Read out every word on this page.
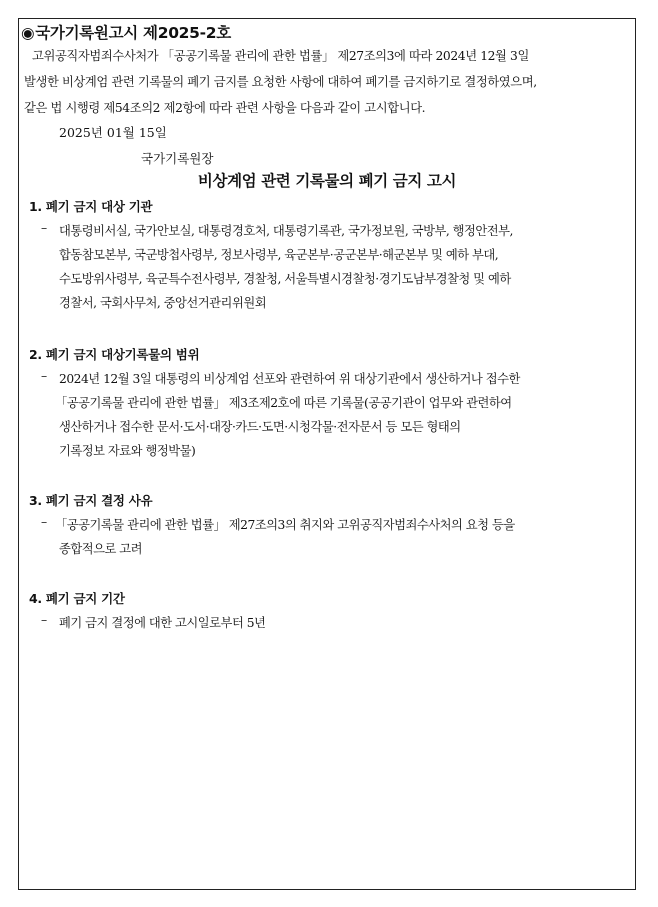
◉국가기록원고시 제2025-2호
고위공직자범죄수사처가 「공공기록물 관리에 관한 법률」 제27조의3에 따라 2024년 12월 3일
발생한 비상계엄 관련 기록물의 폐기 금지를 요청한 사항에 대하여 폐기를 금지하기로 결정하였으며,
같은 법 시행령 제54조의2 제2항에 따라 관련 사항을 다음과 같이 고시합니다.
2025년 01월 15일
국가기록원장
비상계엄 관련 기록물의 폐기 금지 고시
1. 폐기 금지 대상 기관
– 대통령비서실, 국가안보실, 대통령경호처, 대통령기록관, 국가정보원, 국방부, 행정안전부,
합동참모본부, 국군방첩사령부, 정보사령부, 육군본부·공군본부·해군본부 및 예하 부대,
수도방위사령부, 육군특수전사령부, 경찰청, 서울특별시경찰청·경기도남부경찰청 및 예하
경찰서, 국회사무처, 중앙선거관리위원회
2. 폐기 금지 대상기록물의 범위
– 2024년 12월 3일 대통령의 비상계엄 선포와 관련하여 위 대상기관에서 생산하거나 접수한
「공공기록물 관리에 관한 법률」 제3조제2호에 따른 기록물(공공기관이 업무와 관련하여
생산하거나 접수한 문서·도서·대장·카드·도면·시청각물·전자문서 등 모든 형태의
기록정보 자료와 행정박물)
3. 폐기 금지 결정 사유
– 「공공기록물 관리에 관한 법률」 제27조의3의 취지와 고위공직자범죄수사처의 요청 등을
종합적으로 고려
4. 폐기 금지 기간
– 폐기 금지 결정에 대한 고시일로부터 5년
